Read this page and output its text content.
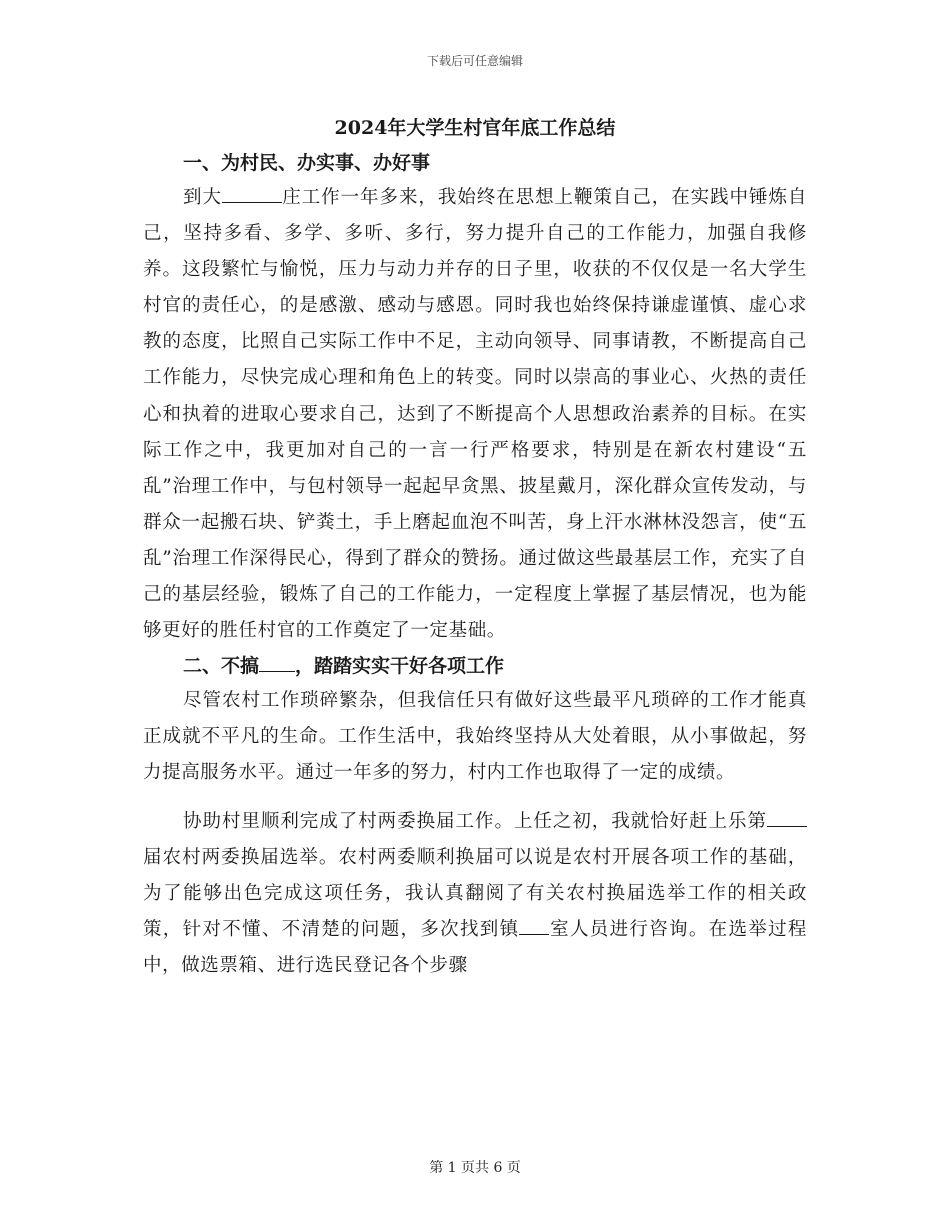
下载后可任意编辑
2024年大学生村官年底工作总结
一、为村民、办实事、办好事

到大	庄工作一年多来，我始终在思想上鞭策自己，在实践中锤炼自己，坚持多看、多学、多听、多行，努力提升自己的工作能力，加强自我修养。这段繁忙与愉悦，压力与动力并存的日子里，收获的不仅仅是一名大学生村官的责任心，的是感激、感动与感恩。同时我也始终保持谦虚谨慎、虚心求教的态度，比照自己实际工作中不足，主动向领导、同事请教，不断提高自己工作能力，尽快完成心理和角色上的转变。同时以崇高的事业心、火热的责任心和执着的进取心要求自己，达到了不断提高个人思想政治素养的目标。在实际工作之中，我更加对自己的一言一行严格要求，特别是在新农村建设“五乱”治理工作中，与包村领导一起起早贪黑、披星戴月，深化群众宣传发动，与群众一起搬石块、铲粪土，手上磨起血泡不叫苦，身上汗水淋林没怨言，使“五乱”治理工作深得民心，得到了群众的赞扬。通过做这些最基层工作，充实了自己的基层经验，锻炼了自己的工作能力，一定程度上掌握了基层情况，也为能够更好的胜任村官的工作奠定了一定基础。

二、不搞 ，踏踏实实干好各项工作

尽管农村工作琐碎繁杂，但我信任只有做好这些最平凡琐碎的工作才能真正成就不平凡的生命。工作生活中，我始终坚持从大处着眼，从小事做起，努力提高服务水平。通过一年多的努力，村内工作也取得了一定的成绩。

协助村里顺利完成了村两委换届工作。上任之初，我就恰好赶上乐第届农村两委换届选举。农村两委顺利换届可以说是农村开展各项工作的基础，为了能够出色完成这项任务，我认真翻阅了有关农村换届选举工作的相关政策，针对不懂、不清楚的问题，多次找到镇 室人员进行咨询。在选举过程中，做选票箱、进行选民登记各个步骤

第 1 页共 6 页
